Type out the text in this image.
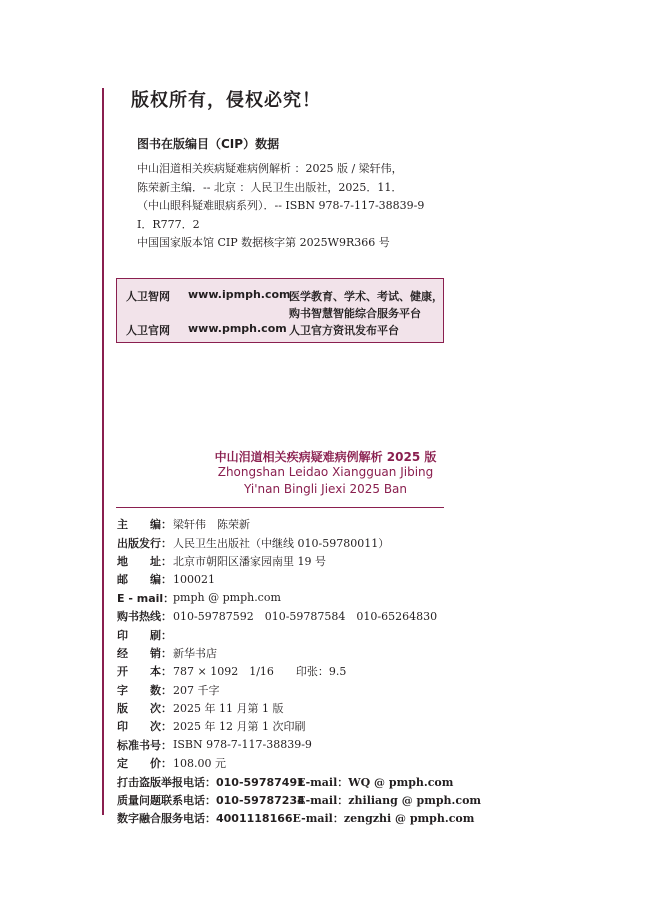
版权所有，侵权必究！
图书在版编目（CIP）数据
中山泪道相关疾病疑难病例解析 ：2025 版 / 梁轩伟，
陈荣新主编．-- 北京 ：人民卫生出版社，2025．11．
（中山眼科疑难眼病系列）．-- ISBN 978-7-117-38839-9
Ⅰ．R777．2
中国国家版本馆 CIP 数据核字第 2025W9R366 号
人卫智网 www.ipmph.com
医学教育、学术、考试、健康，
购书智慧智能综合服务平台
人卫官网 www.pmph.com 人卫官方资讯发布平台
中山泪道相关疾病疑难病例解析 2025 版
Zhongshan Leidao Xiangguan Jibing
Yi'nan Bingli Jiexi 2025 Ban
主　　编： 梁轩伟　陈荣新
出版发行： 人民卫生出版社（中继线 010-59780011）
地　　址： 北京市朝阳区潘家园南里 19 号
邮　　编： 100021
E - mail：
pmph @ pmph.com
购书热线： 010-59787592　010-59787584　010-65264830
印　　刷：
经　　销： 新华书店
开　　本： 787 × 1092　1/16　　印张：9.5
字　　数： 207 千字
版　　次： 2025 年 11 月第 1 版
印　　次： 2025 年 12 月第 1 次印刷
标准书号： ISBN 978-7-117-38839-9
定　　价： 108.00 元
打击盗版举报电话：010-59787491
E-mail：WQ @ pmph.com
质量问题联系电话：010-59787234
E-mail：zhiliang @ pmph.com
数字融合服务电话：4001118166 E-mail：zengzhi @ pmph.com
